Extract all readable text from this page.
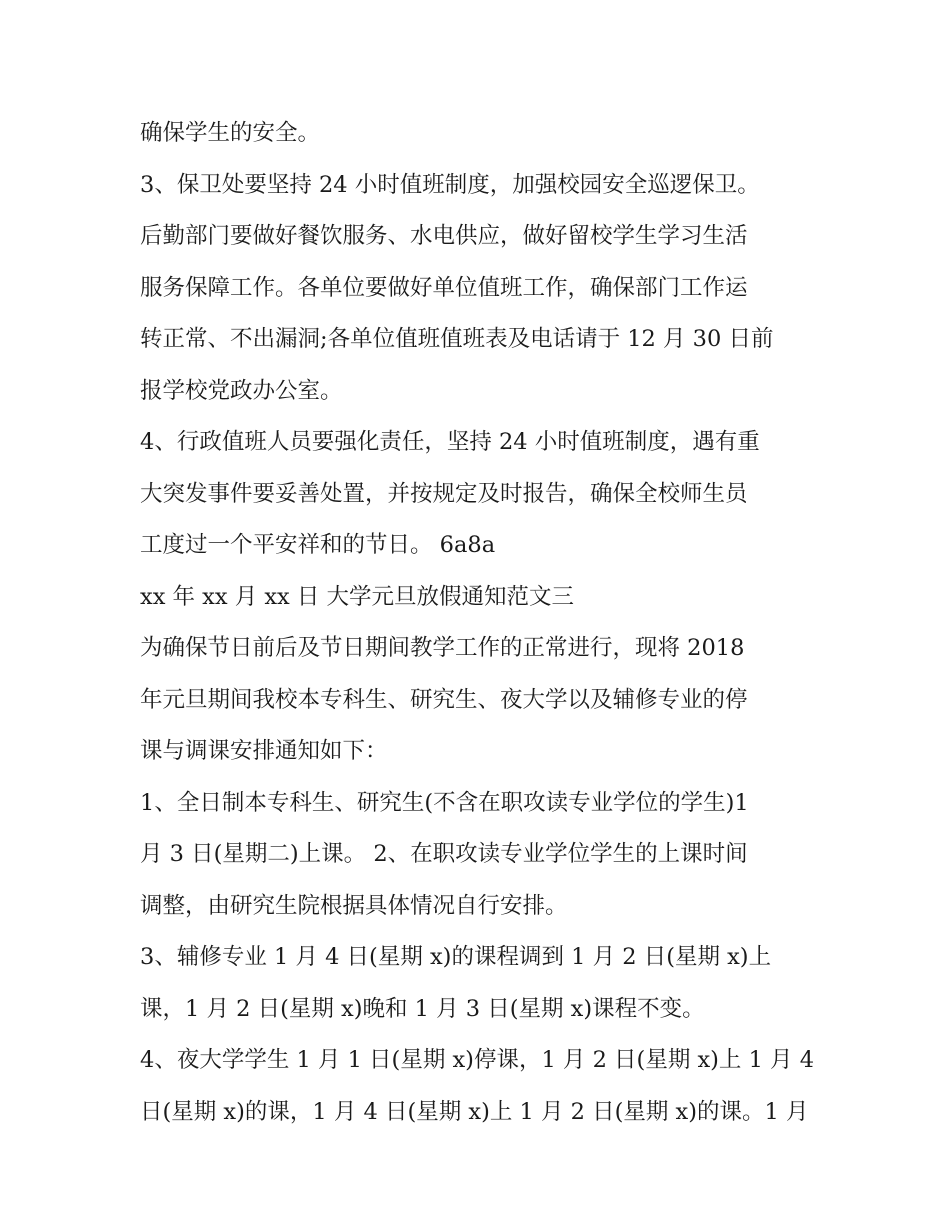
确保学生的安全。
3、保卫处要坚持 24 小时值班制度，加强校园安全巡逻保卫。
后勤部门要做好餐饮服务、水电供应，做好留校学生学习生活
服务保障工作。各单位要做好单位值班工作，确保部门工作运
转正常、不出漏洞;各单位值班值班表及电话请于 12 月 30 日前
报学校党政办公室。
4、行政值班人员要强化责任，坚持 24 小时值班制度，遇有重
大突发事件要妥善处置，并按规定及时报告，确保全校师生员
工度过一个平安祥和的节日。 6a8a
xx 年 xx 月 xx 日 大学元旦放假通知范文三
为确保节日前后及节日期间教学工作的正常进行，现将 2018
年元旦期间我校本专科生、研究生、夜大学以及辅修专业的停
课与调课安排通知如下：
1、全日制本专科生、研究生(不含在职攻读专业学位的学生)1
月 3 日(星期二)上课。 2、在职攻读专业学位学生的上课时间
调整，由研究生院根据具体情况自行安排。
3、辅修专业 1 月 4 日(星期 x)的课程调到 1 月 2 日(星期 x)上
课，1 月 2 日(星期 x)晚和 1 月 3 日(星期 x)课程不变。
4、夜大学学生 1 月 1 日(星期 x)停课，1 月 2 日(星期 x)上 1 月 4
日(星期 x)的课，1 月 4 日(星期 x)上 1 月 2 日(星期 x)的课。1 月
